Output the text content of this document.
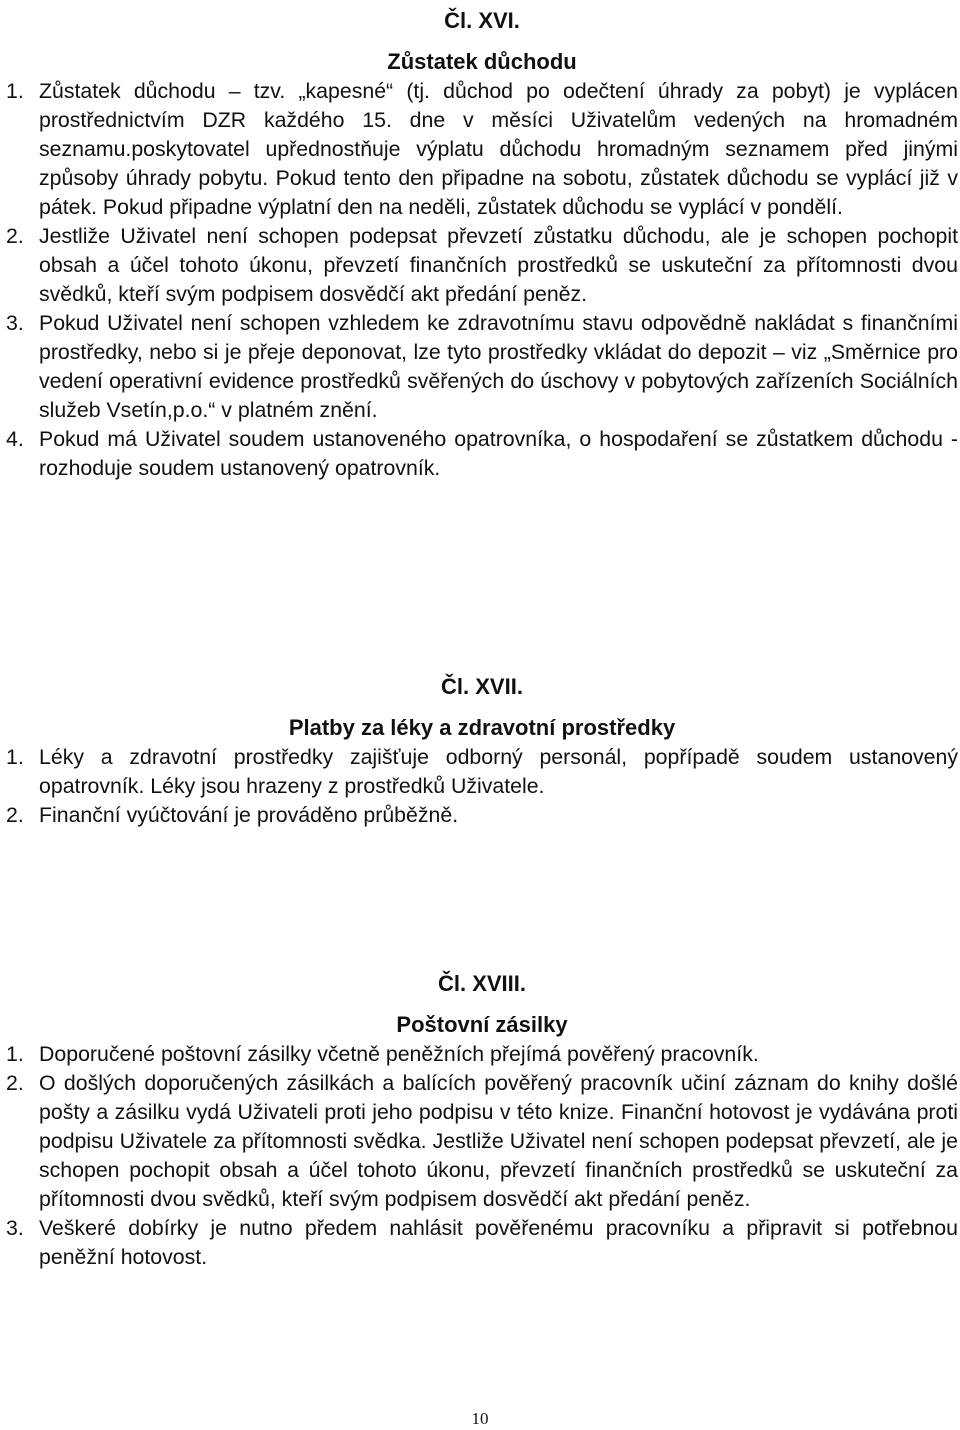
Čl. XVI.
Zůstatek důchodu
1. Zůstatek důchodu – tzv. „kapesné“ (tj. důchod po odečtení úhrady za pobyt) je vyplácen prostřednictvím DZR každého 15. dne v měsíci Uživatelům vedených na hromadném seznamu.poskytovatel upřednostňuje výplatu důchodu hromadným seznamem před jinými způsoby úhrady pobytu. Pokud tento den připadne na sobotu, zůstatek důchodu se vyplácí již v pátek. Pokud připadne výplatní den na neděli, zůstatek důchodu se vyplácí v pondělí.
2. Jestliže Uživatel není schopen podepsat převzetí zůstatku důchodu, ale je schopen pochopit obsah a účel tohoto úkonu, převzetí finančních prostředků se uskuteční za přítomnosti dvou svědků, kteří svým podpisem dosvědčí akt předání peněz.
3. Pokud Uživatel není schopen vzhledem ke zdravotnímu stavu odpovědně nakládat s finančními prostředky, nebo si je přeje deponovat, lze tyto prostředky vkládat do depozit – viz „Směrnice pro vedení operativní evidence prostředků svěřených do úschovy v pobytových zařízeních Sociálních služeb Vsetín,p.o.“ v platném znění.
4. Pokud má Uživatel soudem ustanoveného opatrovníka, o hospodaření se zůstatkem důchodu - rozhoduje soudem ustanovený opatrovník.
Čl. XVII.
Platby za léky a zdravotní prostředky
1. Léky a zdravotní prostředky zajišťuje odborný personál, popřípadě soudem ustanovený opatrovník. Léky jsou hrazeny z prostředků Uživatele.
2. Finanční vyúčtování je prováděno průběžně.
Čl. XVIII.
Poštovní zásilky
1. Doporučené poštovní zásilky včetně peněžních přejímá pověřený pracovník.
2. O došlých doporučených zásilkách a balících pověřený pracovník učiní záznam do knihy došlé pošty a zásilku vydá Uživateli proti jeho podpisu v této knize. Finanční hotovost je vydávána proti podpisu Uživatele za přítomnosti svědka. Jestliže Uživatel není schopen podepsat převzetí, ale je schopen pochopit obsah a účel tohoto úkonu, převzetí finančních prostředků se uskuteční za přítomnosti dvou svědků, kteří svým podpisem dosvědčí akt předání peněz.
3. Veškeré dobírky je nutno předem nahlásit pověřenému pracovníku a připravit si potřebnou peněžní hotovost.
10
